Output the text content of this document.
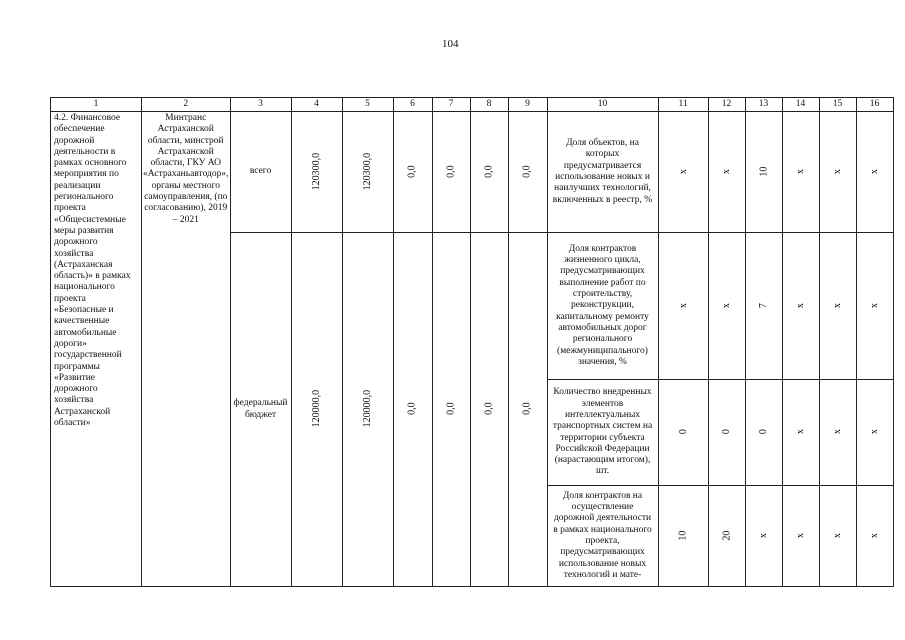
104
1	2	3	4	5	6	7	8	9	10	11	12	13	14	15	16
4.2. Финансовое обеспечение дорожной деятельности в рамках основного мероприятия по реализации регионального проекта «Общесистемные меры развития дорожного хозяйства (Астраханская область)» в рамках национального проекта «Безопасные и качественные автомобильные дороги» государственной программы «Развитие дорожного хозяйства Астраханской области»	Минтранс Астраханской области, минстрой Астраханской области, ГКУ АО «Астраханьавтодор», органы местного самоуправления, (по согласованию), 2019 – 2021	всего	120300,0	120300,0	0,0	0,0	0,0	0,0	Доля объектов, на которых предусматривается использование новых и наилучших технологий, включенных в реестр, %	х	х	10	х	х	х
		федеральный бюджет	120000,0	120000,0	0,0	0,0	0,0	0,0	Доля контрактов жизненного цикла, предусматривающих выполнение работ по строительству, реконструкции, капитальному ремонту автомобильных дорог регионального (межмуниципального) значения, %	х	х	7	х	х	х
									Количество внедренных элементов интеллектуальных транспортных систем на территории субъекта Российской Федерации (нарастающим итогом), шт.	0	0	0	х	х	х
									Доля контрактов на осуществление дорожной деятельности в рамках национального проекта, предусматривающих использование новых технологий и мате-	10	20	х	х	х	х
